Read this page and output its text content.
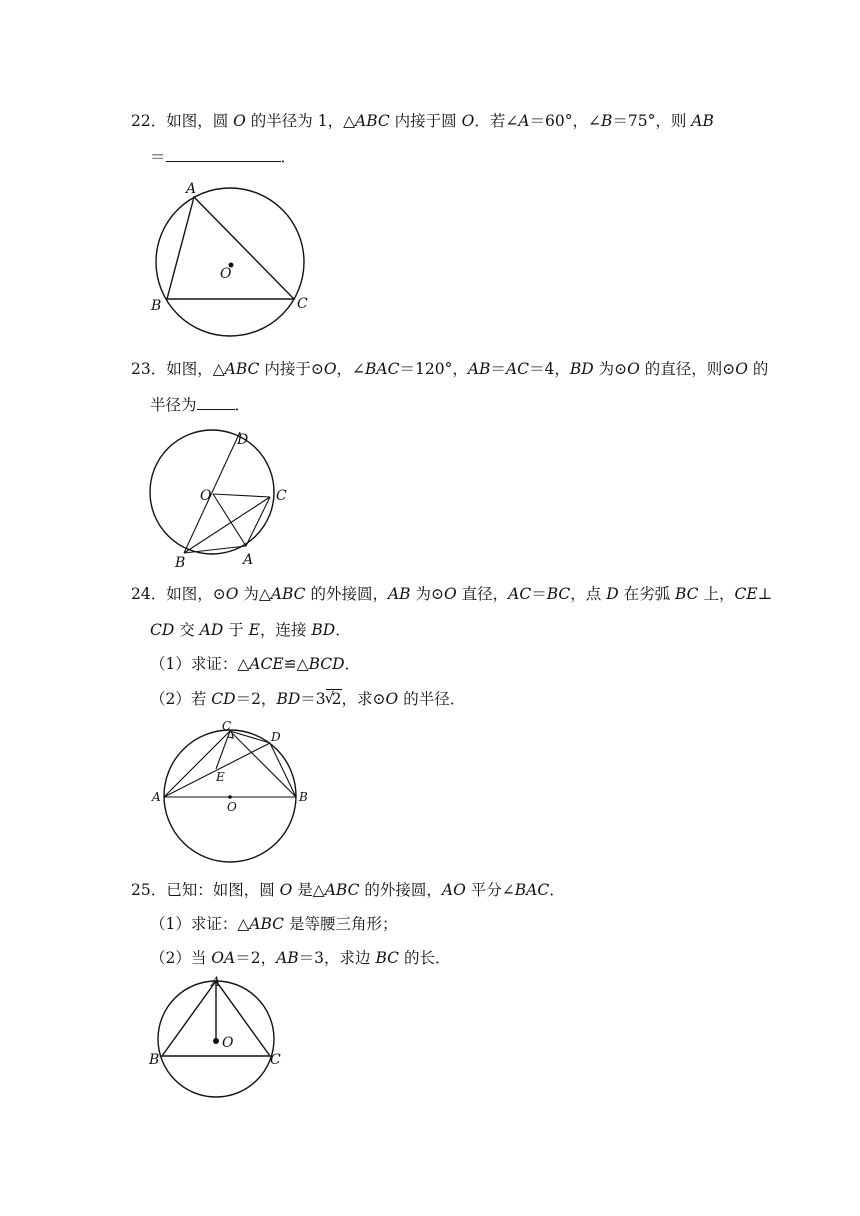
22．如图，圆 O 的半径为 1，△ABC 内接于圆 O．若∠A＝60°，∠B＝75°，则 AB
＝	．
A
B	C
O
D
O	C
B	A
C
D
E
A	B
O
A
O
B	C
23．如图，△ABC 内接于⊙O，∠BAC＝120°，AB＝AC＝4，BD 为⊙O 的直径，则⊙O 的
半径为 ．
24．如图，⊙O 为△ABC 的外接圆，AB 为⊙O 直径，AC＝BC，点 D 在劣弧 BC 上，CE⊥
CD 交 AD 于 E，连接 BD．
（1）求证：△ACE≌△BCD．
（2）若 CD＝2，BD＝3 √
2，求⊙O 的半径．
25．已知：如图，圆 O 是△ABC 的外接圆，AO 平分∠BAC．
（1）求证：△ABC 是等腰三角形；
（2）当 OA＝2，AB＝3，求边 BC 的长．
